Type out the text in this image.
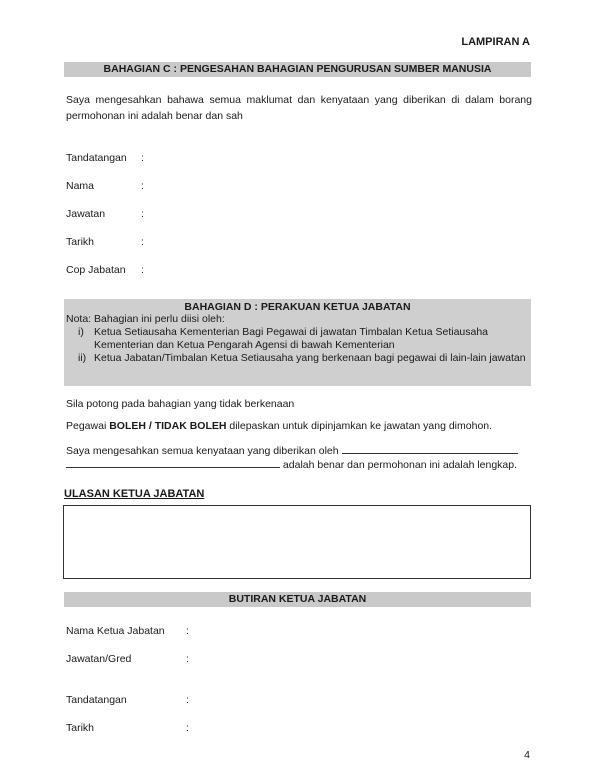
LAMPIRAN A
BAHAGIAN C : PENGESAHAN BAHAGIAN PENGURUSAN SUMBER MANUSIA
Saya mengesahkan bahawa semua maklumat dan kenyataan yang diberikan di dalam borang permohonan ini adalah benar dan sah
Tandatangan :
Nama	:
Jawatan	:
Tarikh	:
Cop Jabatan :
BAHAGIAN D : PERAKUAN KETUA JABATAN
Nota: Bahagian ini perlu diisi oleh:
i) Ketua Setiausaha Kementerian Bagi Pegawai di jawatan Timbalan Ketua Setiausaha Kementerian dan Ketua Pengarah Agensi di bawah Kementerian
ii) Ketua Jabatan/Timbalan Ketua Setiausaha yang berkenaan bagi pegawai di lain-lain jawatan
Sila potong pada bahagian yang tidak berkenaan
Pegawai BOLEH / TIDAK BOLEH dilepaskan untuk dipinjamkan ke jawatan yang dimohon.
Saya mengesahkan semua kenyataan yang diberikan oleh
adalah benar dan permohonan ini adalah lengkap.
ULASAN KETUA JABATAN
BUTIRAN KETUA JABATAN
Nama Ketua Jabatan :
Jawatan/Gred	:
Tandatangan	:
Tarikh	:
4
